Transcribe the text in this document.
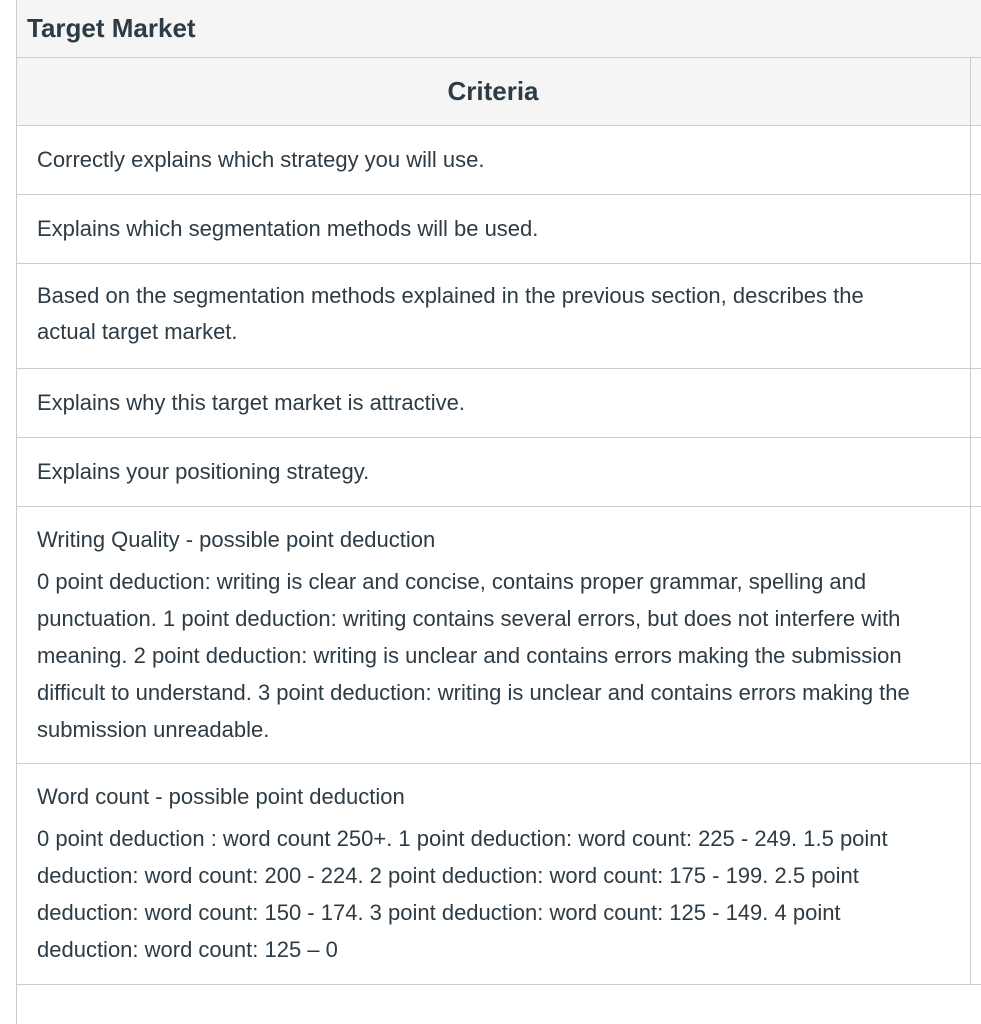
Target Market
Criteria
Correctly explains which strategy you will use.
Explains which segmentation methods will be used.
Based on the segmentation methods explained in the previous section, describes the actual target market.
Explains why this target market is attractive.
Explains your positioning strategy.
Writing Quality - possible point deduction
0 point deduction: writing is clear and concise, contains proper grammar, spelling and punctuation. 1 point deduction: writing contains several errors, but does not interfere with meaning. 2 point deduction: writing is unclear and contains errors making the submission difficult to understand. 3 point deduction: writing is unclear and contains errors making the submission unreadable.
Word count - possible point deduction
0 point deduction : word count 250+. 1 point deduction: word count: 225 - 249. 1.5 point deduction: word count: 200 - 224. 2 point deduction: word count: 175 - 199. 2.5 point deduction: word count: 150 - 174. 3 point deduction: word count: 125 - 149. 4 point deduction: word count: 125 – 0
